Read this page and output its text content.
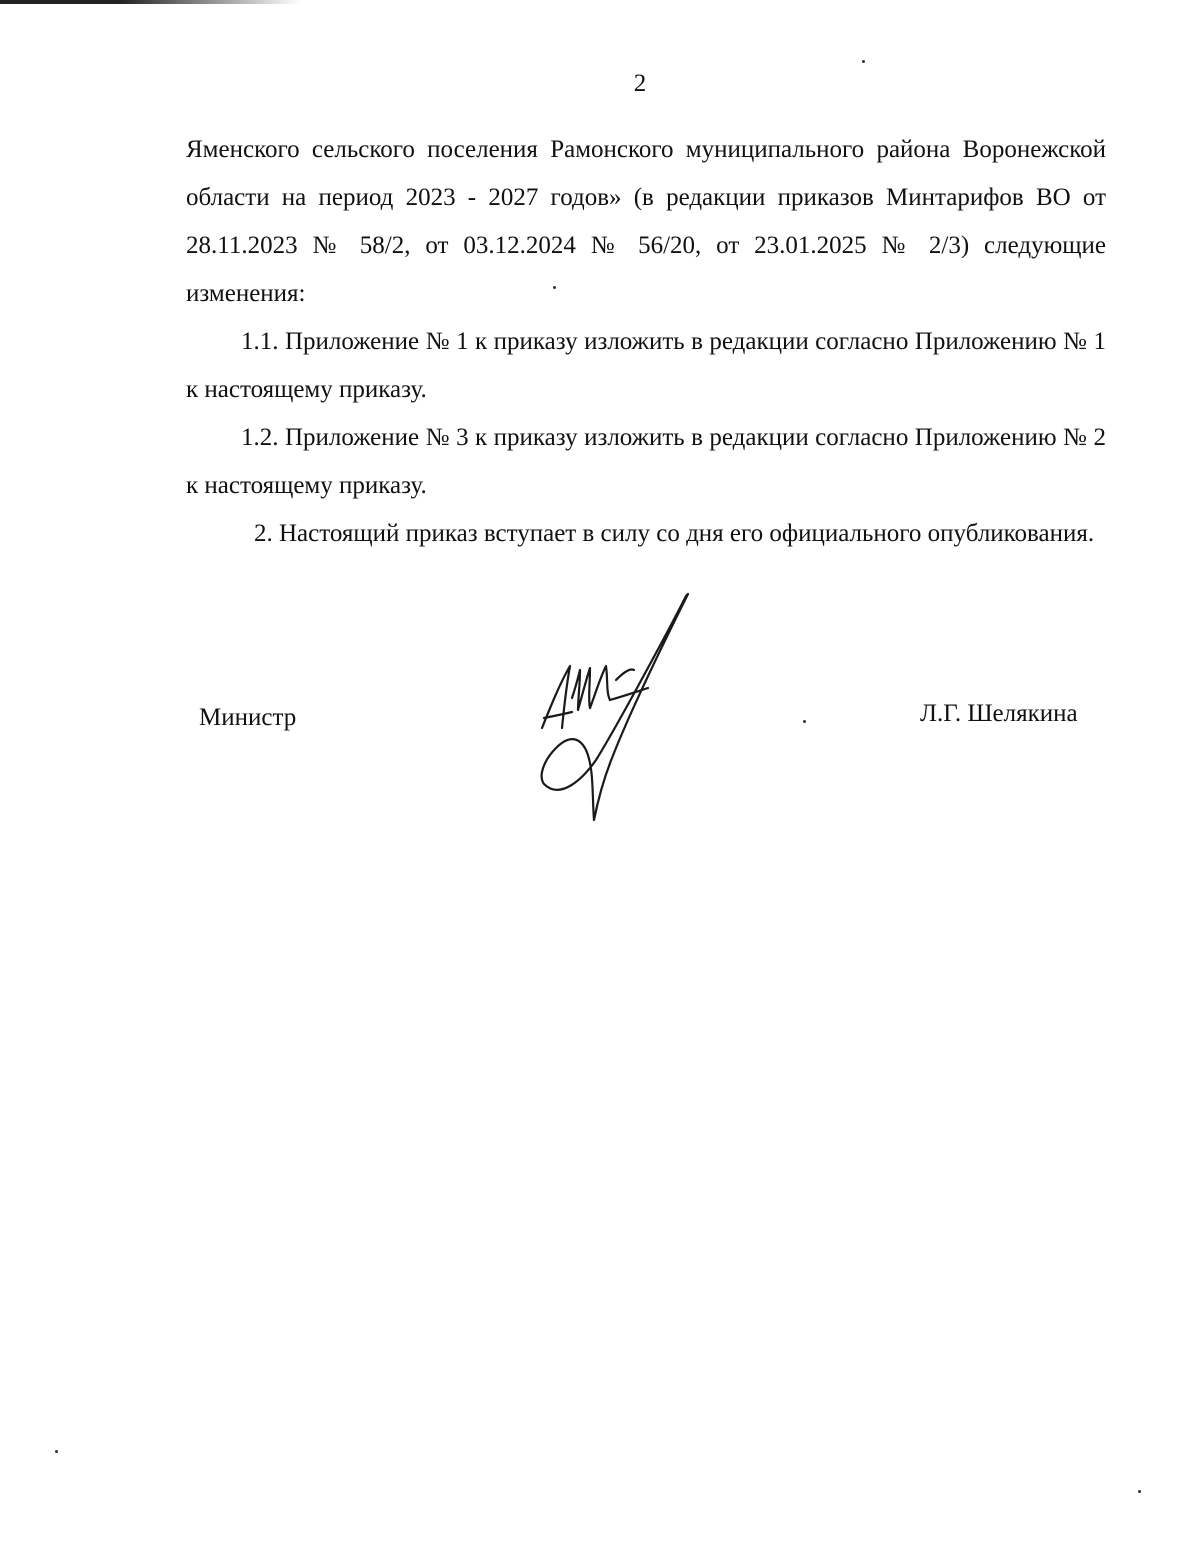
2

Яменского сельского поселения Рамонского муниципального района Воронежской области на период 2023 - 2027 годов» (в редакции приказов Минтарифов ВО от 28.11.2023 № 58/2, от 03.12.2024 № 56/20, от 23.01.2025 № 2/3) следующие изменения:

1.1. Приложение № 1 к приказу изложить в редакции согласно Приложению № 1 к настоящему приказу.

1.2. Приложение № 3 к приказу изложить в редакции согласно Приложению № 2 к настоящему приказу.

2. Настоящий приказ вступает в силу со дня его официального опубликования.

Министр	Л.Г. Шелякина
